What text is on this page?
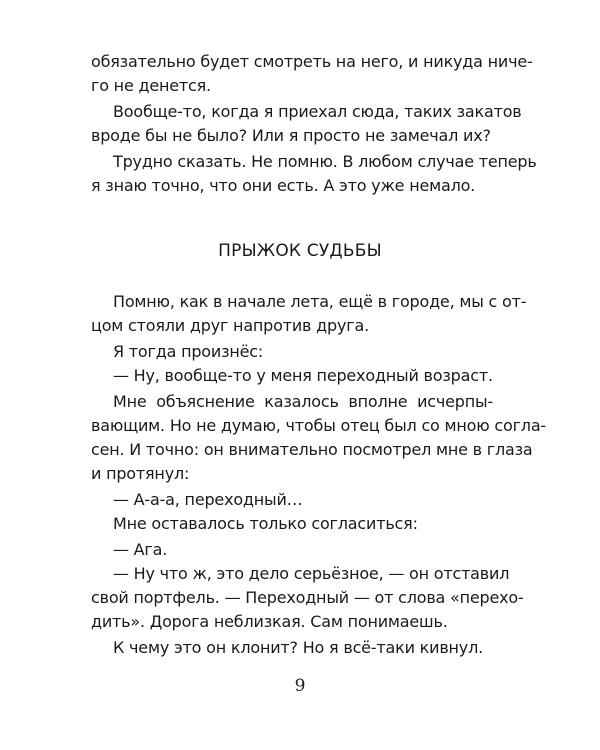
обязательно будет смотреть на него, и никуда ниче-
го не денется.
Вообще-то, когда я приехал сюда, таких закатов
вроде бы не было? Или я просто не замечал их?
Трудно сказать. Не помню. В любом случае теперь
я знаю точно, что они есть. А это уже немало.
ПРЫЖОК СУДЬБЫ
Помню, как в начале лета, ещё в городе, мы с от-
цом стояли друг напротив друга.
Я тогда произнёс:
— Ну, вообще-то у меня переходный возраст.
Мне объяснение казалось вполне исчерпы-
вающим. Но не думаю, чтобы отец был со мною согла-
сен. И точно: он внимательно посмотрел мне в глаза
и протянул:
— А-а-а, переходный…
Мне оставалось только согласиться:
— Ага.
— Ну что ж, это дело серьёзное, — он отставил
свой портфель. — Переходный — от слова «перехо-
дить». Дорога неблизкая. Сам понимаешь.
К чему это он клонит? Но я всё-таки кивнул.
9
